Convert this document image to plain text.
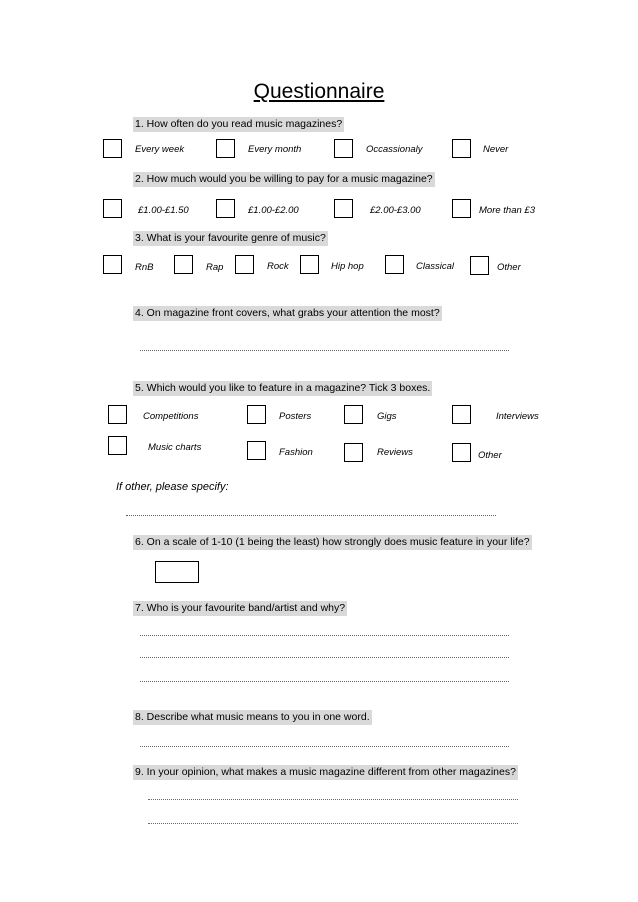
Questionnaire
1. How often do you read music magazines?
Every week	Every month	Occassionaly	Never
2. How much would you be willing to pay for a music magazine?
£1.00-£1.50	£1.00-£2.00	£2.00-£3.00	More than £3
3. What is your favourite genre of music?
RnB	Rap	Rock	Hip hop	Classical	Other
4. On magazine front covers, what grabs your attention the most?
5. Which would you like to feature in a magazine? Tick 3 boxes.
Competitions	Posters	Gigs	Interviews
Music charts	Fashion	Reviews	Other
If other, please specify:
6. On a scale of 1-10 (1 being the least) how strongly does music feature in your life?
7. Who is your favourite band/artist and why?
8. Describe what music means to you in one word.
9. In your opinion, what makes a music magazine different from other magazines?
